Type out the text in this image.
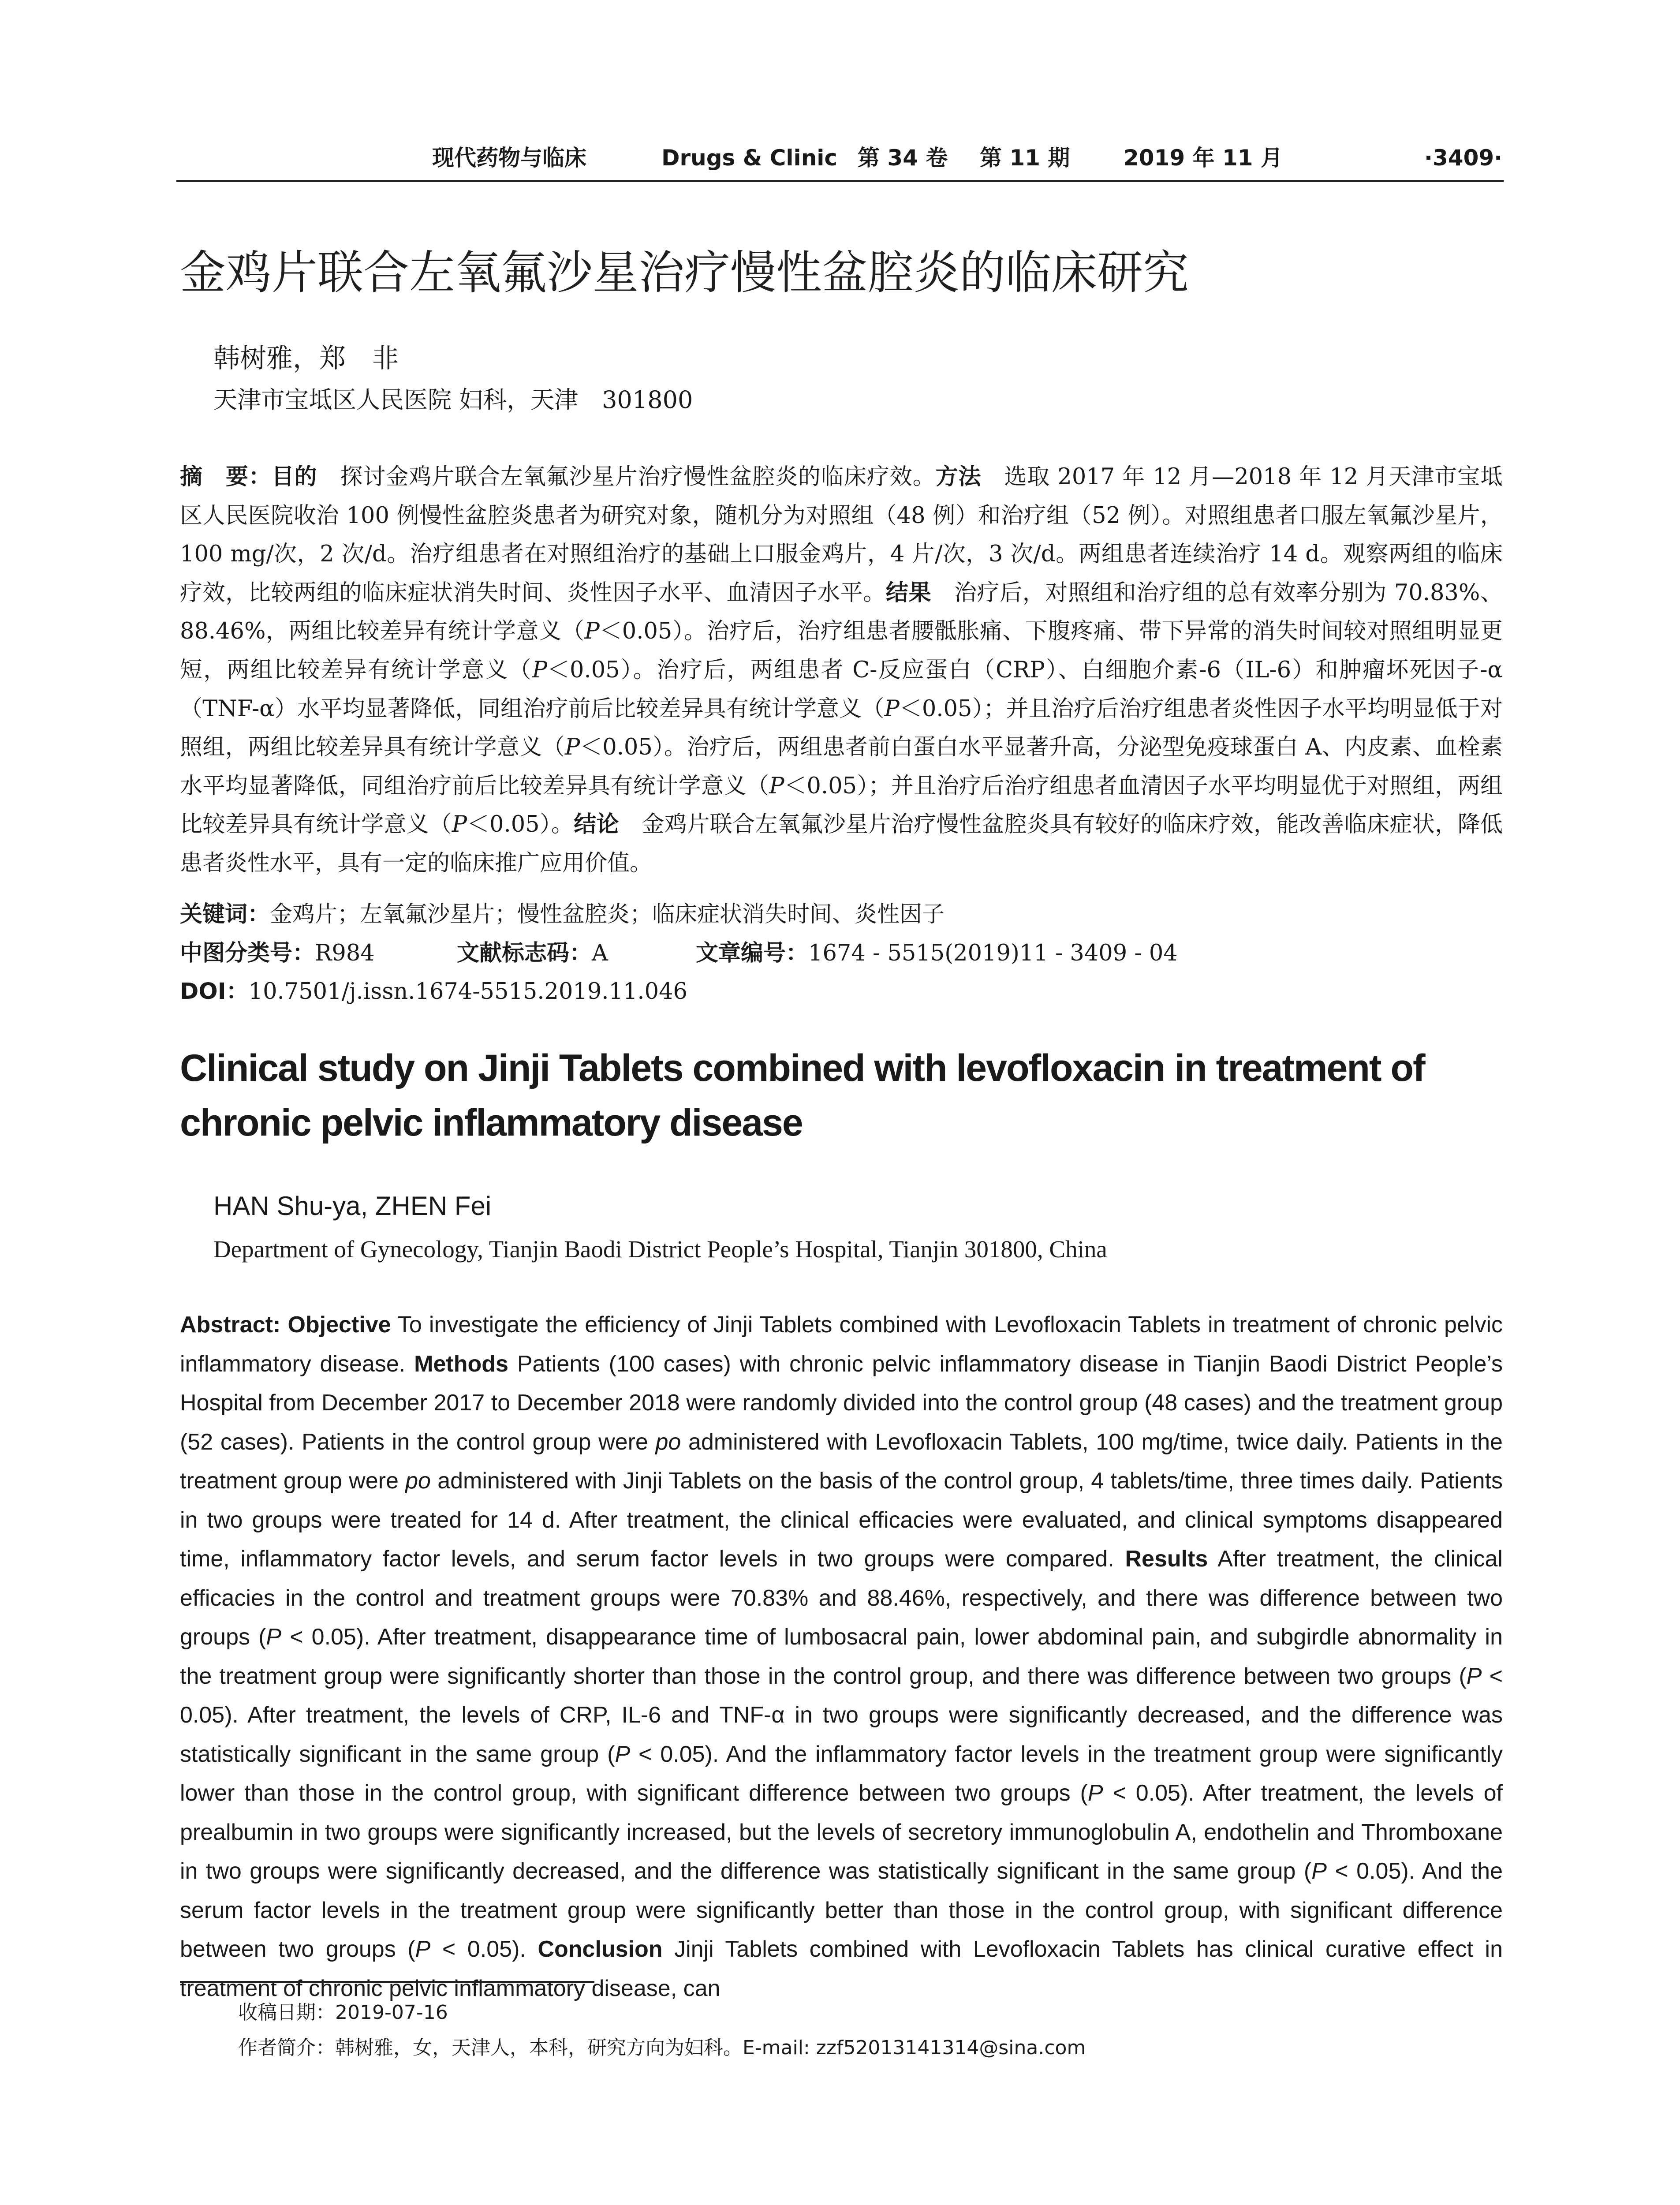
现代药物与临床	Drugs & Clinic 第 34 卷 第 11 期 2019 年 11 月	·3409·
金鸡片联合左氧氟沙星治疗慢性盆腔炎的临床研究
韩树雅，郑　非
天津市宝坻区人民医院 妇科，天津　301800
摘　要：目的　探讨金鸡片联合左氧氟沙星片治疗慢性盆腔炎的临床疗效。方法　选取 2017 年 12 月—2018 年 12 月天津市宝坻区人民医院收治 100 例慢性盆腔炎患者为研究对象，随机分为对照组（48 例）和治疗组（52 例）。对照组患者口服左氧氟沙星片，100 mg/次，2 次/d。治疗组患者在对照组治疗的基础上口服金鸡片，4 片/次，3 次/d。两组患者连续治疗 14 d。观察两组的临床疗效，比较两组的临床症状消失时间、炎性因子水平、血清因子水平。结果　治疗后，对照组和治疗组的总有效率分别为 70.83%、88.46%，两组比较差异有统计学意义（P＜0.05）。治疗后，治疗组患者腰骶胀痛、下腹疼痛、带下异常的消失时间较对照组明显更短，两组比较差异有统计学意义（P＜0.05）。治疗后，两组患者 C-反应蛋白（CRP）、白细胞介素-6（IL-6）和肿瘤坏死因子-α（TNF-α）水平均显著降低，同组治疗前后比较差异具有统计学意义（P＜0.05）；并且治疗后治疗组患者炎性因子水平均明显低于对照组，两组比较差异具有统计学意义（P＜0.05）。治疗后，两组患者前白蛋白水平显著升高，分泌型免疫球蛋白 A、内皮素、血栓素水平均显著降低，同组治疗前后比较差异具有统计学意义（P＜0.05）；并且治疗后治疗组患者血清因子水平均明显优于对照组，两组比较差异具有统计学意义（P＜0.05）。结论　金鸡片联合左氧氟沙星片治疗慢性盆腔炎具有较好的临床疗效，能改善临床症状，降低患者炎性水平，具有一定的临床推广应用价值。
关键词：金鸡片；左氧氟沙星片；慢性盆腔炎；临床症状消失时间、炎性因子
中图分类号：R984	文献标志码：A	文章编号：1674 - 5515(2019)11 - 3409 - 04
DOI：10.7501/j.issn.1674-5515.2019.11.046
Clinical study on Jinji Tablets combined with levofloxacin in treatment of chronic pelvic inflammatory disease
HAN Shu-ya, ZHEN Fei
Department of Gynecology, Tianjin Baodi District People’s Hospital, Tianjin 301800, China
Abstract: Objective To investigate the efficiency of Jinji Tablets combined with Levofloxacin Tablets in treatment of chronic pelvic inflammatory disease. Methods Patients (100 cases) with chronic pelvic inflammatory disease in Tianjin Baodi District People’s Hospital from December 2017 to December 2018 were randomly divided into the control group (48 cases) and the treatment group (52 cases). Patients in the control group were po administered with Levofloxacin Tablets, 100 mg/time, twice daily. Patients in the treatment group were po administered with Jinji Tablets on the basis of the control group, 4 tablets/time, three times daily. Patients in two groups were treated for 14 d. After treatment, the clinical efficacies were evaluated, and clinical symptoms disappeared time, inflammatory factor levels, and serum factor levels in two groups were compared. Results After treatment, the clinical efficacies in the control and treatment groups were 70.83% and 88.46%, respectively, and there was difference between two groups (P < 0.05). After treatment, disappearance time of lumbosacral pain, lower abdominal pain, and subgirdle abnormality in the treatment group were significantly shorter than those in the control group, and there was difference between two groups (P < 0.05). After treatment, the levels of CRP, IL-6 and TNF-α in two groups were significantly decreased, and the difference was statistically significant in the same group (P < 0.05). And the inflammatory factor levels in the treatment group were significantly lower than those in the control group, with significant difference between two groups (P < 0.05). After treatment, the levels of prealbumin in two groups were significantly increased, but the levels of secretory immunoglobulin A, endothelin and Thromboxane in two groups were significantly decreased, and the difference was statistically significant in the same group (P < 0.05). And the serum factor levels in the treatment group were significantly better than those in the control group, with significant difference between two groups (P < 0.05). Conclusion Jinji Tablets combined with Levofloxacin Tablets has clinical curative effect in treatment of chronic pelvic inflammatory disease, can
收稿日期：2019-07-16
作者简介：韩树雅，女，天津人，本科，研究方向为妇科。E-mail: zzf52013141314@sina.com
